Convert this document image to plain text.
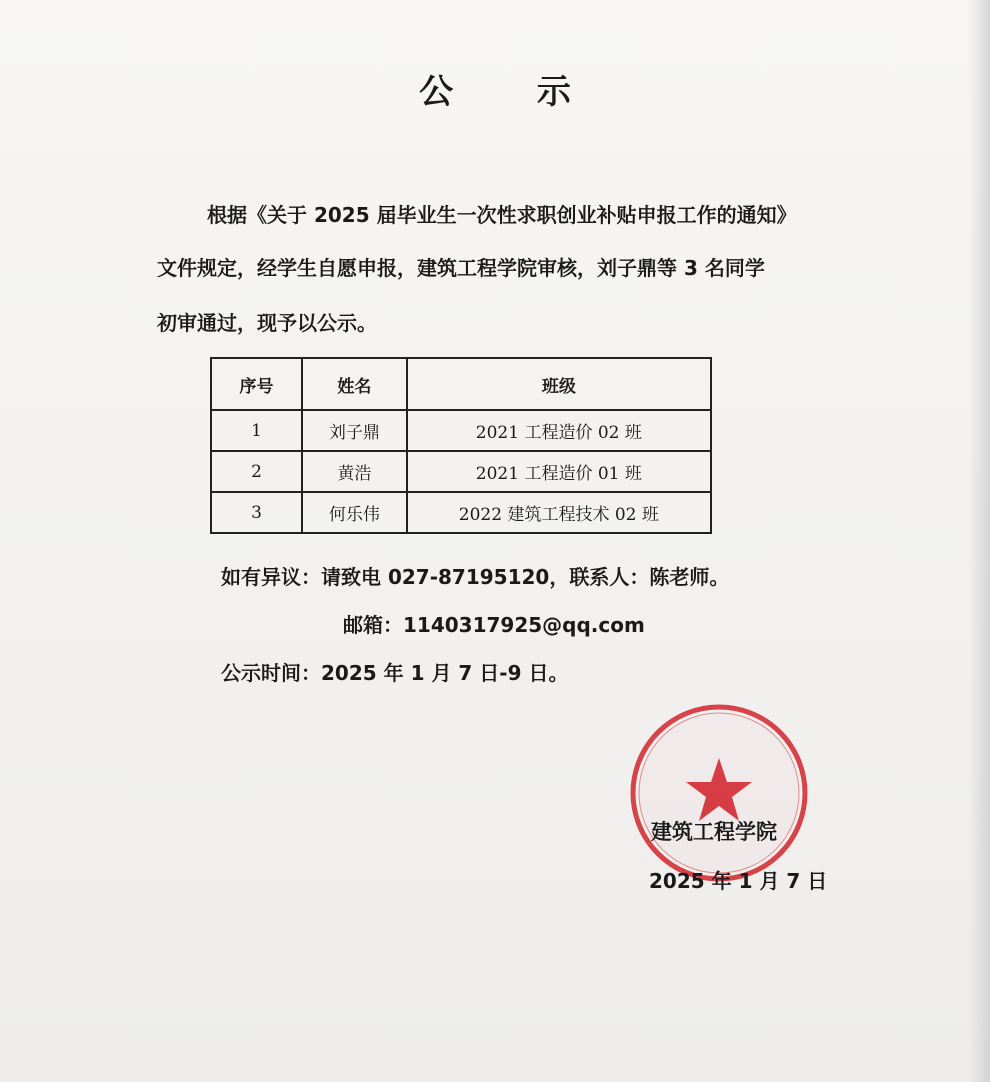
公 示
根据《关于 2025 届毕业生一次性求职创业补贴申报工作的通知》
文件规定，经学生自愿申报，建筑工程学院审核，刘子鼎等 3 名同学
初审通过，现予以公示。
序号	姓名	班级
1	刘子鼎	2021 工程造价 02 班
2	黄浩	2021 工程造价 01 班
3	何乐伟	2022 建筑工程技术 02 班
如有异议：请致电 027-87195120，联系人：陈老师。
邮箱：1140317925@qq.com
公示时间：2025 年 1 月 7 日-9 日。
建筑工程学院
2025 年 1 月 7 日
